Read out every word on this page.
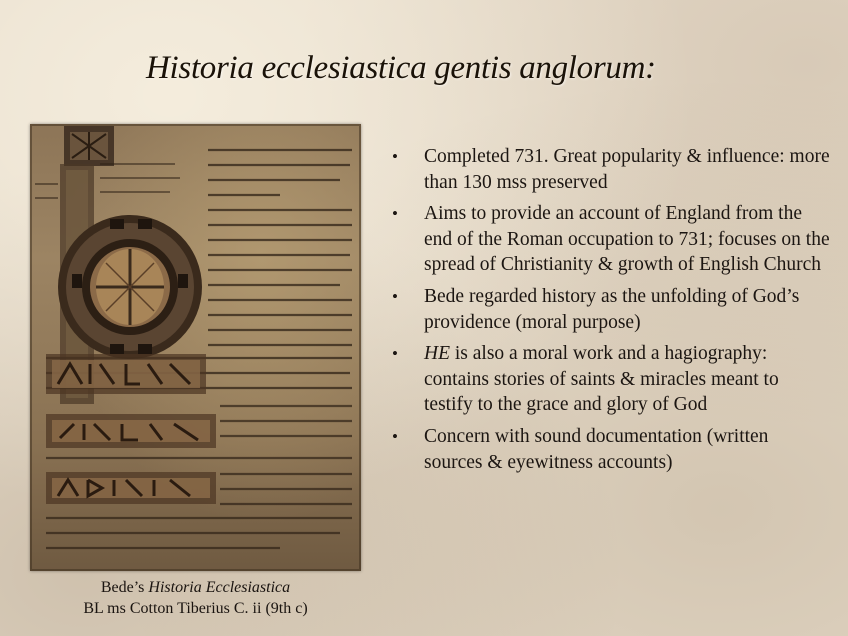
Historia ecclesiastica gentis anglorum:
Bede’s Historia Ecclesiastica
BL ms Cotton Tiberius C. ii (9th c)
• Completed 731. Great popularity & influence: more than 130 mss preserved
• Aims to provide an account of England from the end of the Roman occupation to 731; focuses on the spread of Christianity & growth of English Church
• Bede regarded history as the unfolding of God’s providence (moral purpose)
• HE is also a moral work and a hagiography: contains stories of saints & miracles meant to testify to the grace and glory of God
• Concern with sound documentation (written sources & eyewitness accounts)
